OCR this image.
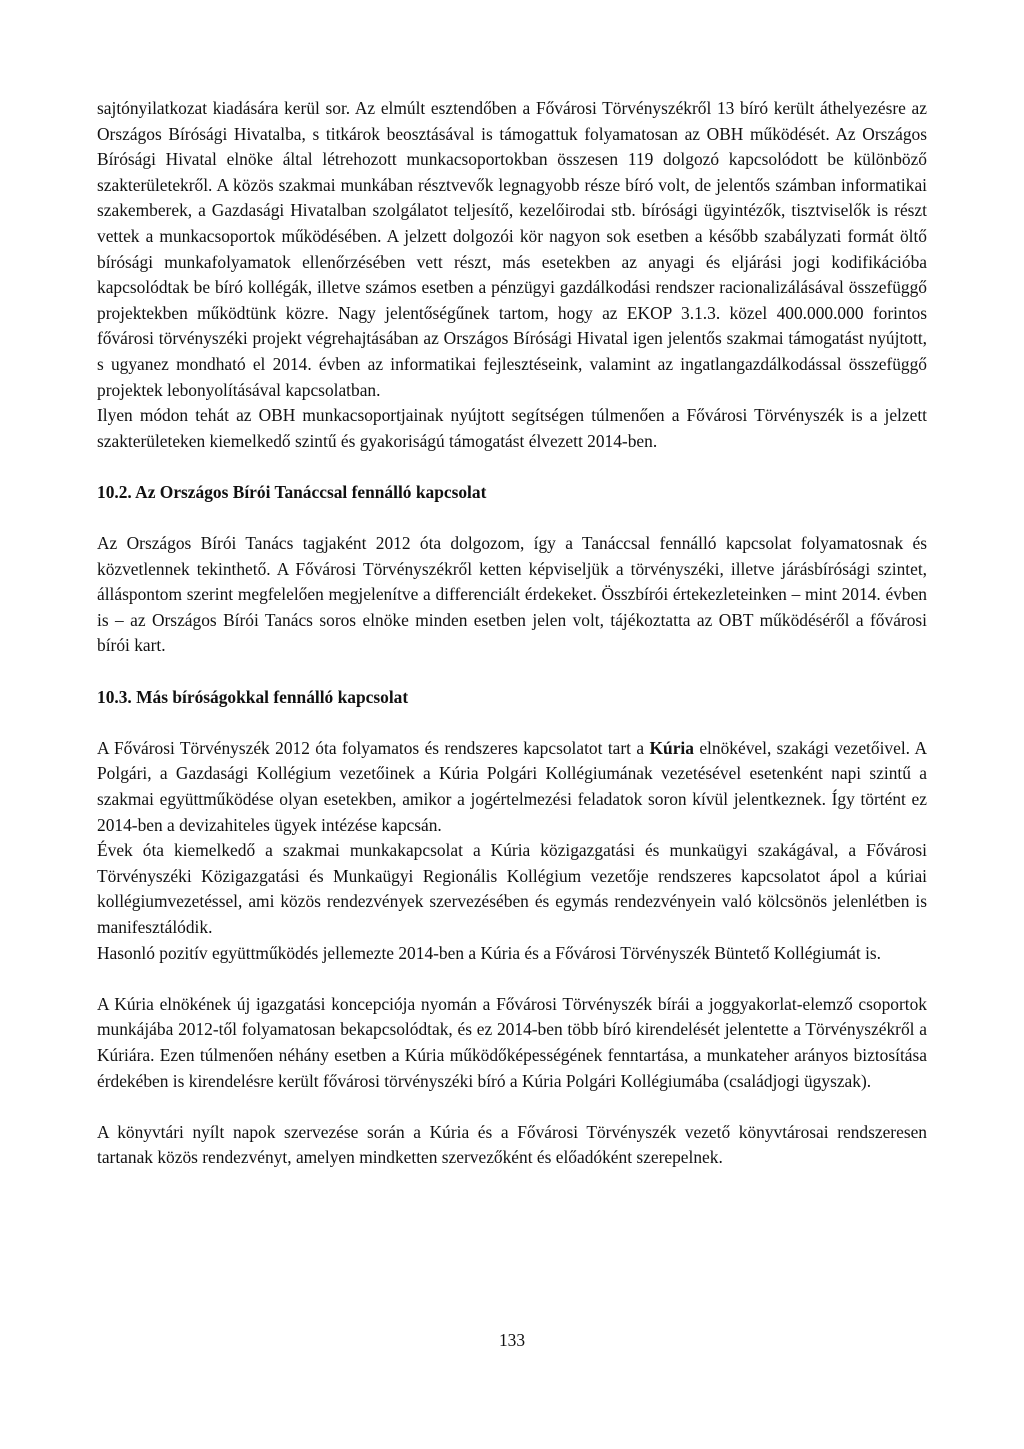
sajtónyilatkozat kiadására kerül sor. Az elmúlt esztendőben a Fővárosi Törvényszékről 13 bíró került áthelyezésre az Országos Bírósági Hivatalba, s titkárok beosztásával is támogattuk folyamatosan az OBH működését. Az Országos Bírósági Hivatal elnöke által létrehozott munkacsoportokban összesen 119 dolgozó kapcsolódott be különböző szakterületekről. A közös szakmai munkában résztvevők legnagyobb része bíró volt, de jelentős számban informatikai szakemberek, a Gazdasági Hivatalban szolgálatot teljesítő, kezelőirodai stb. bírósági ügyintézők, tisztviselők is részt vettek a munkacsoportok működésében. A jelzett dolgozói kör nagyon sok esetben a később szabályzati formát öltő bírósági munkafolyamatok ellenőrzésében vett részt, más esetekben az anyagi és eljárási jogi kodifikációba kapcsolódtak be bíró kollégák, illetve számos esetben a pénzügyi gazdálkodási rendszer racionalizálásával összefüggő projektekben működtünk közre. Nagy jelentőségűnek tartom, hogy az EKOP 3.1.3. közel 400.000.000 forintos fővárosi törvényszéki projekt végrehajtásában az Országos Bírósági Hivatal igen jelentős szakmai támogatást nyújtott, s ugyanez mondható el 2014. évben az informatikai fejlesztéseink, valamint az ingatlangazdálkodással összefüggő projektek lebonyolításával kapcsolatban.

Ilyen módon tehát az OBH munkacsoportjainak nyújtott segítségen túlmenően a Fővárosi Törvényszék is a jelzett szakterületeken kiemelkedő szintű és gyakoriságú támogatást élvezett 2014-ben.

10.2. Az Országos Bírói Tanáccsal fennálló kapcsolat

Az Országos Bírói Tanács tagjaként 2012 óta dolgozom, így a Tanáccsal fennálló kapcsolat folyamatosnak és közvetlennek tekinthető. A Fővárosi Törvényszékről ketten képviseljük a törvényszéki, illetve járásbírósági szintet, álláspontom szerint megfelelően megjelenítve a differenciált érdekeket. Összbírói értekezleteinken – mint 2014. évben is – az Országos Bírói Tanács soros elnöke minden esetben jelen volt, tájékoztatta az OBT működéséről a fővárosi bírói kart.

10.3. Más bíróságokkal fennálló kapcsolat

A Fővárosi Törvényszék 2012 óta folyamatos és rendszeres kapcsolatot tart a Kúria elnökével, szakági vezetőivel. A Polgári, a Gazdasági Kollégium vezetőinek a Kúria Polgári Kollégiumának vezetésével esetenként napi szintű a szakmai együttműködése olyan esetekben, amikor a jogértelmezési feladatok soron kívül jelentkeznek. Így történt ez 2014-ben a devizahiteles ügyek intézése kapcsán.

Évek óta kiemelkedő a szakmai munkakapcsolat a Kúria közigazgatási és munkaügyi szakágával, a Fővárosi Törvényszéki Közigazgatási és Munkaügyi Regionális Kollégium vezetője rendszeres kapcsolatot ápol a kúriai kollégiumvezetéssel, ami közös rendezvények szervezésében és egymás rendezvényein való kölcsönös jelenlétben is manifesztálódik.

Hasonló pozitív együttműködés jellemezte 2014-ben a Kúria és a Fővárosi Törvényszék Büntető Kollégiumát is.

A Kúria elnökének új igazgatási koncepciója nyomán a Fővárosi Törvényszék bírái a joggyakorlat-elemző csoportok munkájába 2012-től folyamatosan bekapcsolódtak, és ez 2014-ben több bíró kirendelését jelentette a Törvényszékről a Kúriára. Ezen túlmenően néhány esetben a Kúria működőképességének fenntartása, a munkateher arányos biztosítása érdekében is kirendelésre került fővárosi törvényszéki bíró a Kúria Polgári Kollégiumába (családjogi ügyszak).

A könyvtári nyílt napok szervezése során a Kúria és a Fővárosi Törvényszék vezető könyvtárosai rendszeresen tartanak közös rendezvényt, amelyen mindketten szervezőként és előadóként szerepelnek.

133
